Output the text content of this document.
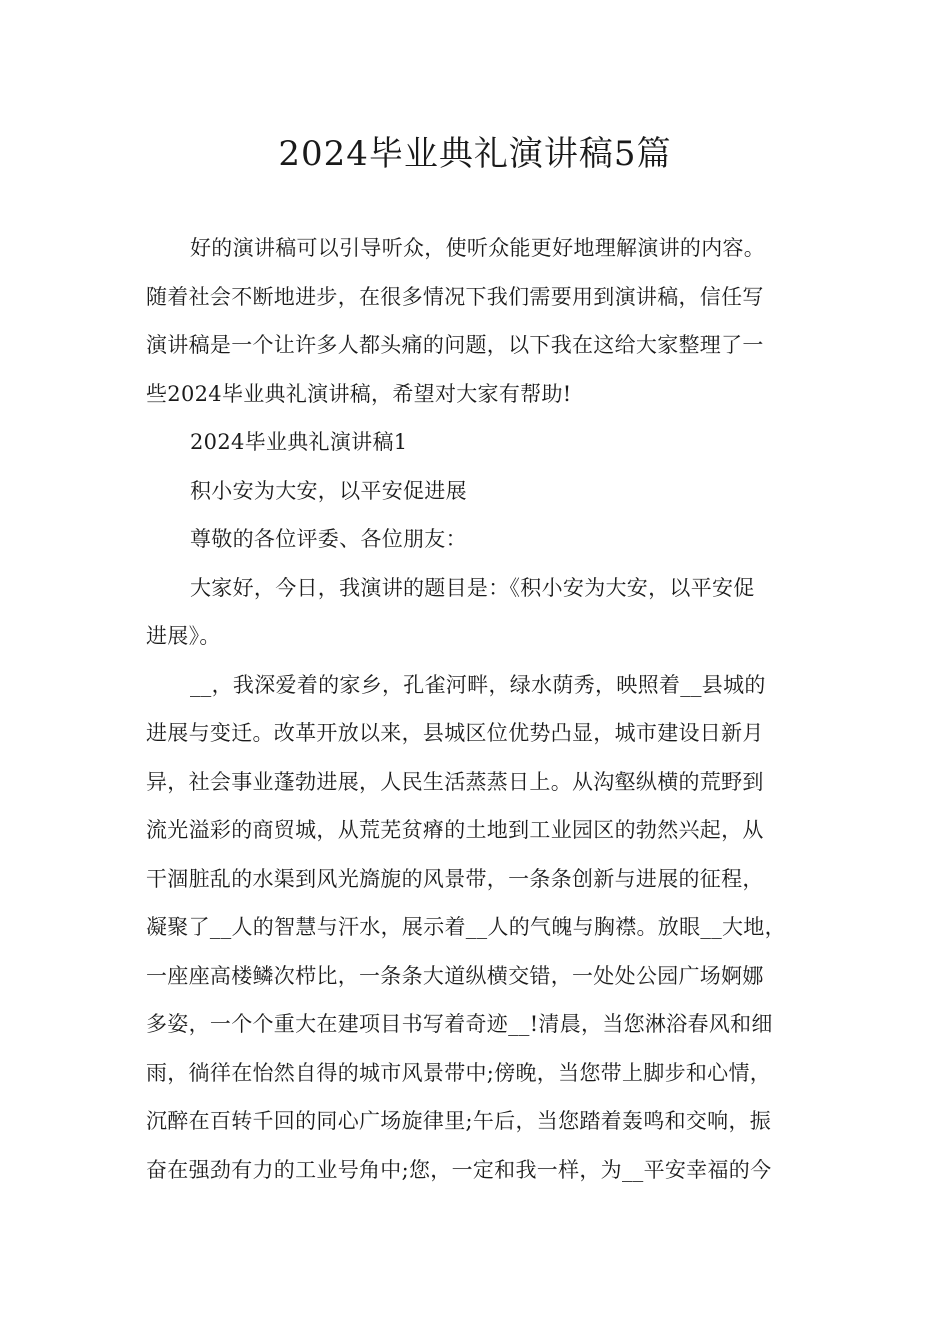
2024毕业典礼演讲稿5篇

好的演讲稿可以引导听众，使听众能更好地理解演讲的内容。
随着社会不断地进步，在很多情况下我们需要用到演讲稿，信任写
演讲稿是一个让许多人都头痛的问题，以下我在这给大家整理了一
些2024毕业典礼演讲稿，希望对大家有帮助!

2024毕业典礼演讲稿1

积小安为大安，以平安促进展

尊敬的各位评委、各位朋友：

大家好，今日，我演讲的题目是：《积小安为大安，以平安促
进展》。

__，我深爱着的家乡，孔雀河畔，绿水荫秀，映照着__县城的
进展与变迁。改革开放以来，县城区位优势凸显，城市建设日新月
异，社会事业蓬勃进展，人民生活蒸蒸日上。从沟壑纵横的荒野到
流光溢彩的商贸城，从荒芜贫瘠的土地到工业园区的勃然兴起，从
干涸脏乱的水渠到风光旖旎的风景带，一条条创新与进展的征程，
凝聚了__人的智慧与汗水，展示着__人的气魄与胸襟。放眼__大地，
一座座高楼鳞次栉比，一条条大道纵横交错，一处处公园广场婀娜
多姿，一个个重大在建项目书写着奇迹__!清晨，当您淋浴春风和细
雨，徜徉在怡然自得的城市风景带中;傍晚，当您带上脚步和心情，
沉醉在百转千回的同心广场旋律里;午后，当您踏着轰鸣和交响，振
奋在强劲有力的工业号角中;您，一定和我一样，为__平安幸福的今
